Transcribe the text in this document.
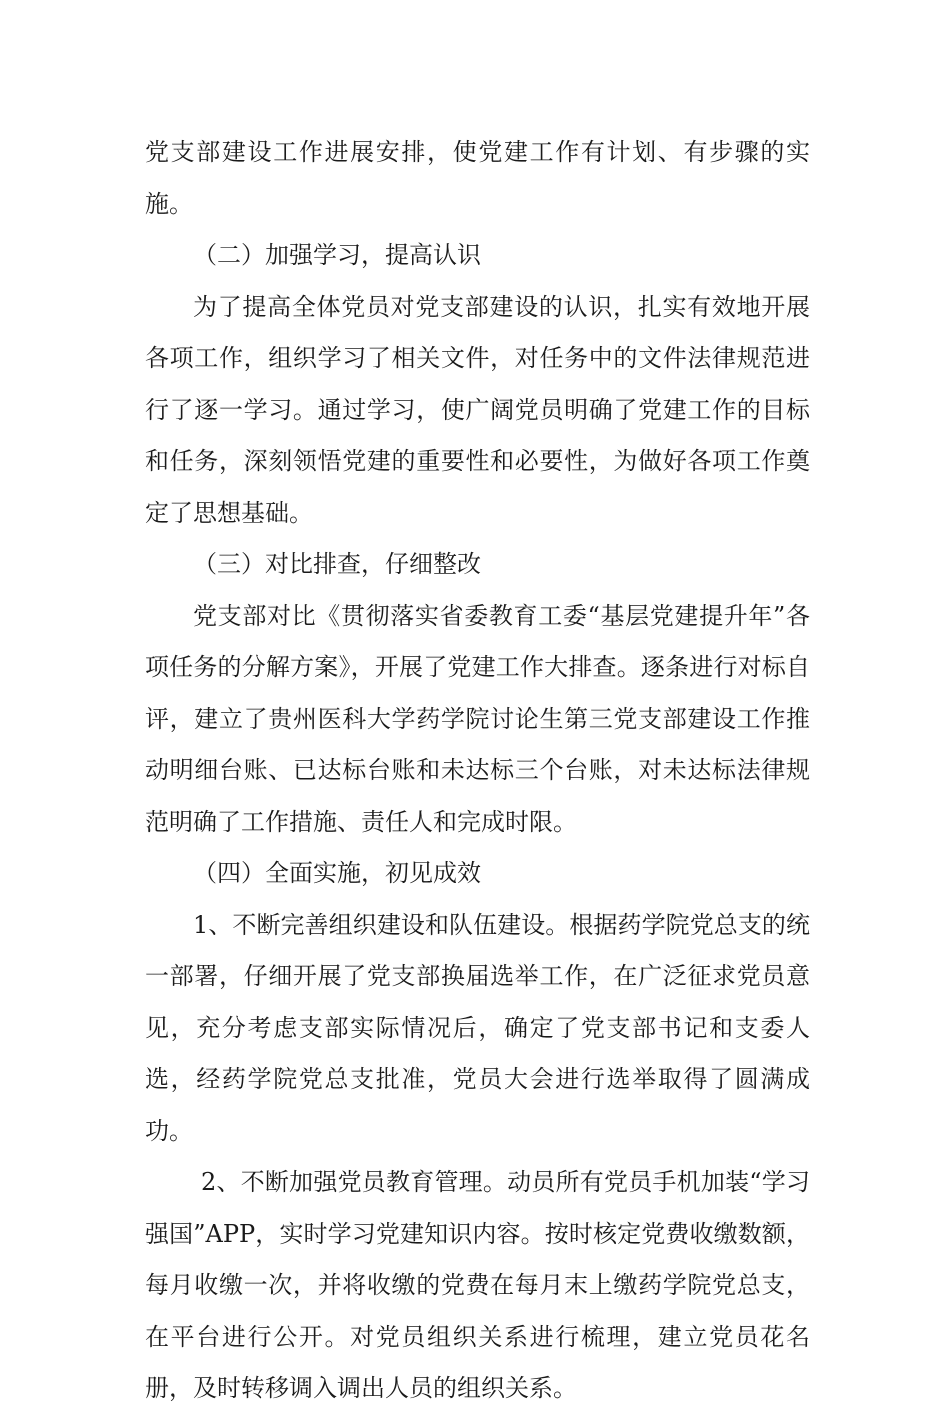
党支部建设工作进展安排，使党建工作有计划、有步骤的实施。

（二）加强学习，提高认识

为了提高全体党员对党支部建设的认识，扎实有效地开展各项工作，组织学习了相关文件，对任务中的文件法律规范进行了逐一学习。通过学习，使广阔党员明确了党建工作的目标和任务，深刻领悟党建的重要性和必要性，为做好各项工作奠定了思想基础。

（三）对比排查，仔细整改

党支部对比《贯彻落实省委教育工委“基层党建提升年”各项任务的分解方案》，开展了党建工作大排查。逐条进行对标自评，建立了贵州医科大学药学院讨论生第三党支部建设工作推动明细台账、已达标台账和未达标三个台账，对未达标法律规范明确了工作措施、责任人和完成时限。

（四）全面实施，初见成效

1、不断完善组织建设和队伍建设。根据药学院党总支的统一部署，仔细开展了党支部换届选举工作，在广泛征求党员意见，充分考虑支部实际情况后，确定了党支部书记和支委人选，经药学院党总支批准，党员大会进行选举取得了圆满成功。

2、不断加强党员教育管理。动员所有党员手机加装“学习强国”APP，实时学习党建知识内容。按时核定党费收缴数额，每月收缴一次，并将收缴的党费在每月末上缴药学院党总支，在平台进行公开。对党员组织关系进行梳理，建立党员花名册，及时转移调入调出人员的组织关系。
